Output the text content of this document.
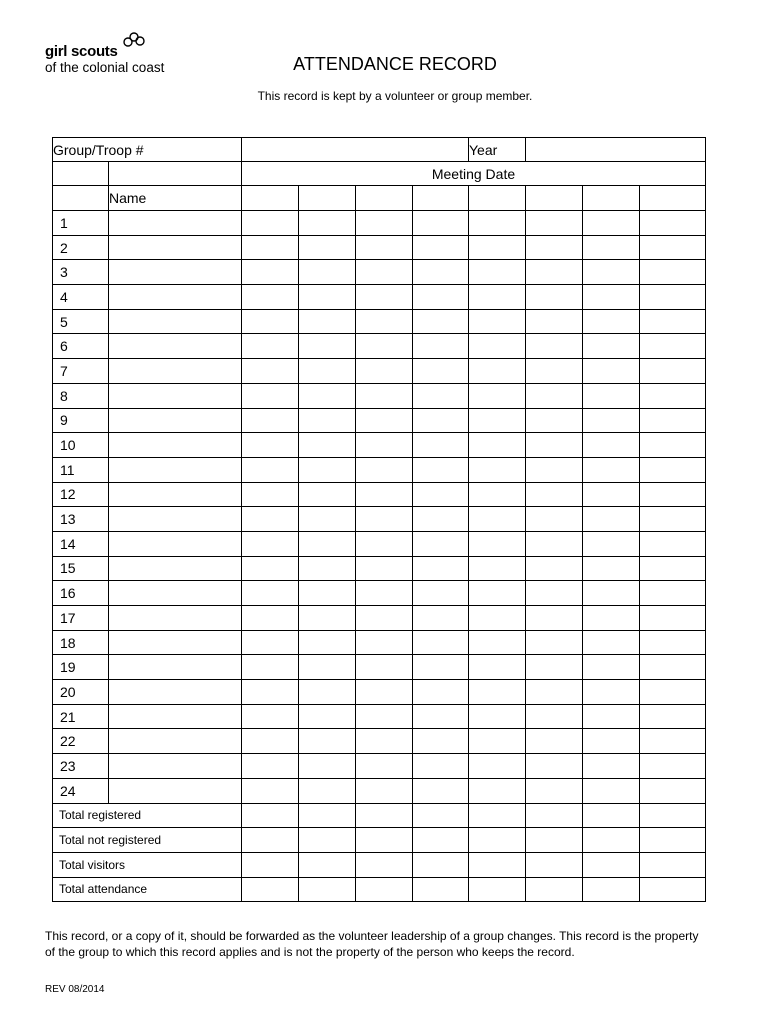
girl scouts
of the colonial coast	ATTENDANCE RECORD
This record is kept by a volunteer or group member.
Group/Troop #						Year			
		Meeting Date							
	Name								
1									
2									
3									
4									
5									
6									
7									
8									
9									
10									
11									
12									
13									
14									
15									
16									
17									
18									
19									
20									
21									
22									
23									
24									
Total registered									
Total not registered									
Total visitors									
Total attendance									
This record, or a copy of it, should be forwarded as the volunteer leadership of a group changes. This record is the property of the group to which this record applies and is not the property of the person who keeps the record.
REV 08/2014
